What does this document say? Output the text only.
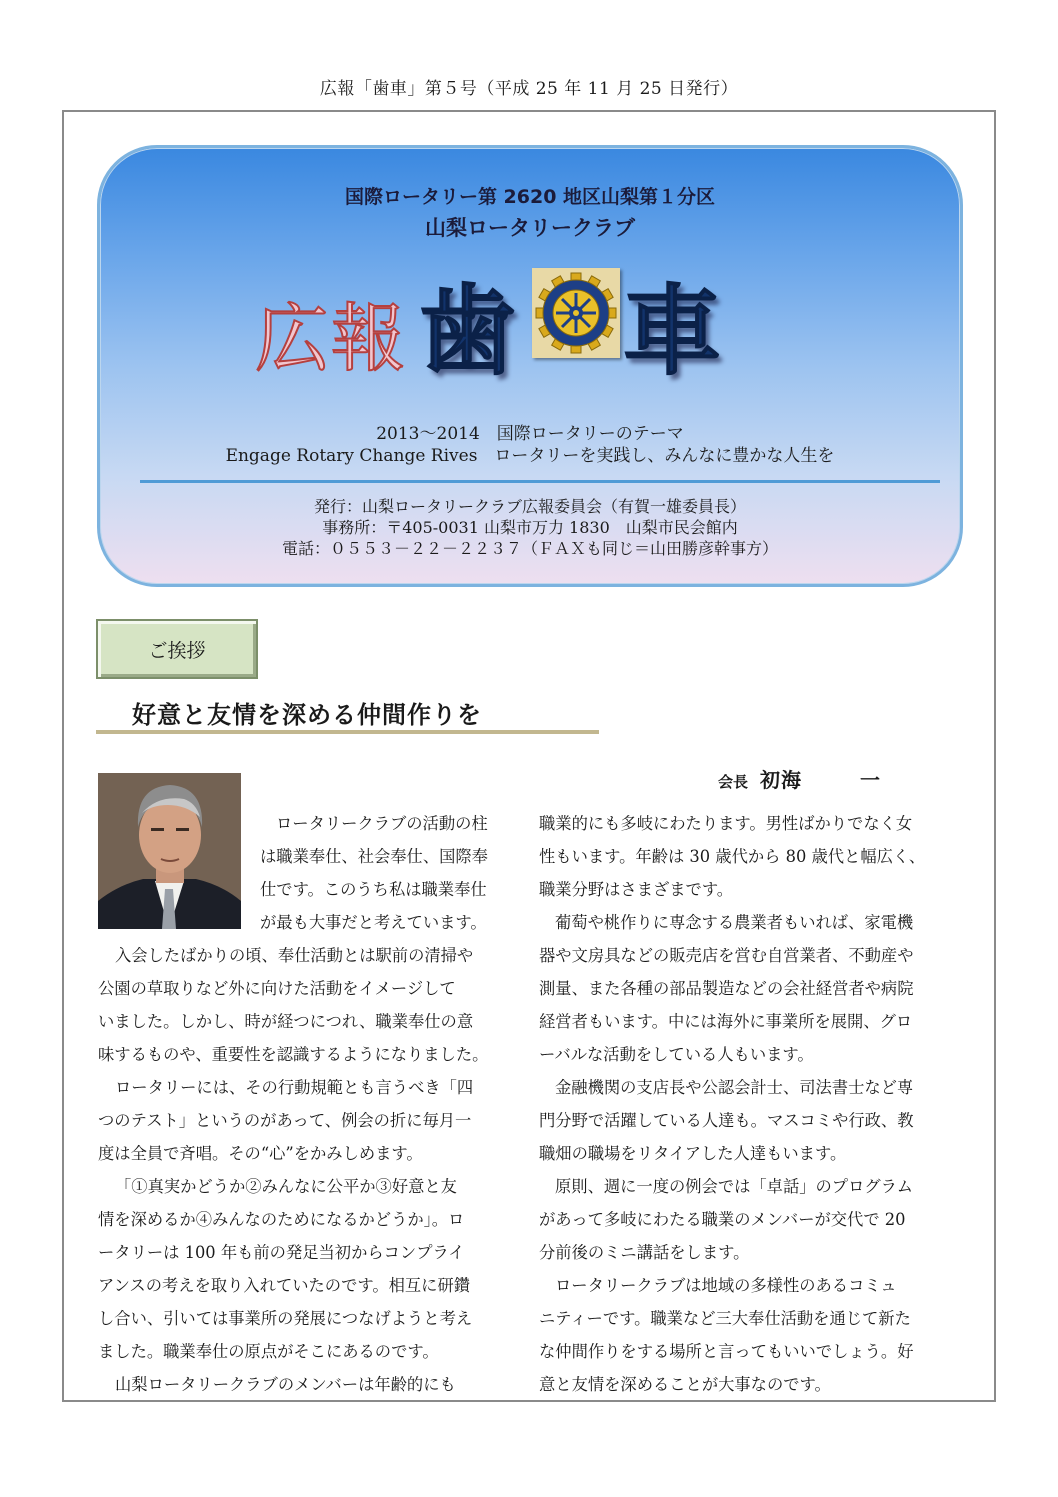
広報「歯車」第５号（平成 25 年 11 月 25 日発行）
国際ロータリー第 2620 地区山梨第１分区
山梨ロータリークラブ
広報 歯 車
2013～2014　国際ロータリーのテーマ
Engage Rotary Change Rives　ロータリーを実践し、みんなに豊かな人生を
発行：山梨ロータリークラブ広報委員会（有賀一雄委員長）
事務所：〒405-0031 山梨市万力 1830　山梨市民会館内
電話：０５５３－２２－２２３７（ＦＡＸも同じ＝山田勝彦幹事方）
ご挨拶
好意と友情を深める仲間作りを
会長 初海	一
ロータリークラブの活動の柱
は職業奉仕、社会奉仕、国際奉
仕です。このうち私は職業奉仕
が最も大事だと考えています。
入会したばかりの頃、奉仕活動とは駅前の清掃や
公園の草取りなど外に向けた活動をイメージして
いました。しかし、時が経つにつれ、職業奉仕の意
味するものや、重要性を認識するようになりました。
ロータリーには、その行動規範とも言うべき「四
つのテスト」というのがあって、例会の折に毎月一
度は全員で斉唱。その“心”をかみしめます。
「①真実かどうか②みんなに公平か③好意と友
情を深めるか④みんなのためになるかどうか」。ロ
ータリーは 100 年も前の発足当初からコンプライ
アンスの考えを取り入れていたのです。相互に研鑽
し合い、引いては事業所の発展につなげようと考え
ました。職業奉仕の原点がそこにあるのです。
山梨ロータリークラブのメンバーは年齢的にも
職業的にも多岐にわたります。男性ばかりでなく女
性もいます。年齢は 30 歳代から 80 歳代と幅広く、
職業分野はさまざまです。
葡萄や桃作りに専念する農業者もいれば、家電機
器や文房具などの販売店を営む自営業者、不動産や
測量、また各種の部品製造などの会社経営者や病院
経営者もいます。中には海外に事業所を展開、グロ
ーバルな活動をしている人もいます。
金融機関の支店長や公認会計士、司法書士など専
門分野で活躍している人達も。マスコミや行政、教
職畑の職場をリタイアした人達もいます。
原則、週に一度の例会では「卓話」のプログラム
があって多岐にわたる職業のメンバーが交代で 20
分前後のミニ講話をします。
ロータリークラブは地域の多様性のあるコミュ
ニティーです。職業など三大奉仕活動を通じて新た
な仲間作りをする場所と言ってもいいでしょう。好
意と友情を深めることが大事なのです。
